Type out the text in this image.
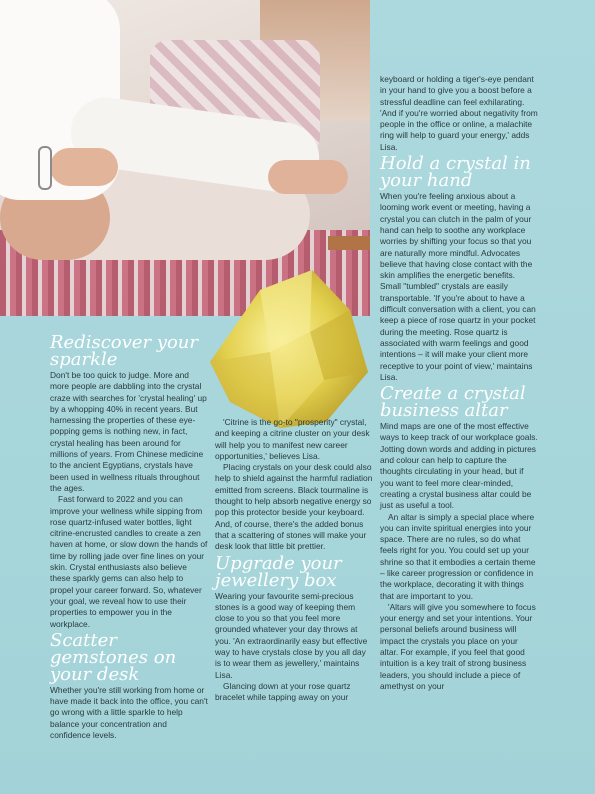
Rediscover your sparkle

Don't be too quick to judge. More and more people are dabbling into the crystal craze with searches for 'crystal healing' up by a whopping 40% in recent years. But harnessing the properties of these eye-popping gems is nothing new, in fact, crystal healing has been around for millions of years. From Chinese medicine to the ancient Egyptians, crystals have been used in wellness rituals throughout the ages.

Fast forward to 2022 and you can improve your wellness while sipping from rose quartz-infused water bottles, light citrine-encrusted candles to create a zen haven at home, or slow down the hands of time by rolling jade over fine lines on your skin. Crystal enthusiasts also believe these sparkly gems can also help to propel your career forward. So, whatever your goal, we reveal how to use their properties to empower you in the workplace.

Scatter gemstones on your desk

Whether you're still working from home or have made it back into the office, you can't go wrong with a little sparkle to help balance your concentration and confidence levels.

'Citrine is the go-to "prosperity" crystal, and keeping a citrine cluster on your desk will help you to manifest new career opportunities,' believes Lisa.

Placing crystals on your desk could also help to shield against the harmful radiation emitted from screens. Black tourmaline is thought to help absorb negative energy so pop this protector beside your keyboard. And, of course, there's the added bonus that a scattering of stones will make your desk look that little bit prettier.

Upgrade your jewellery box

Wearing your favourite semi-precious stones is a good way of keeping them close to you so that you feel more grounded whatever your day throws at you. 'An extraordinarily easy but effective way to have crystals close by you all day is to wear them as jewellery,' maintains Lisa.

Glancing down at your rose quartz bracelet while tapping away on your

keyboard or holding a tiger's-eye pendant in your hand to give you a boost before a stressful deadline can feel exhilarating. 'And if you're worried about negativity from people in the office or online, a malachite ring will help to guard your energy,' adds Lisa.

Hold a crystal in your hand

When you're feeling anxious about a looming work event or meeting, having a crystal you can clutch in the palm of your hand can help to soothe any workplace worries by shifting your focus so that you are naturally more mindful. Advocates believe that having close contact with the skin amplifies the energetic benefits. Small "tumbled" crystals are easily transportable. 'If you're about to have a difficult conversation with a client, you can keep a piece of rose quartz in your pocket during the meeting. Rose quartz is associated with warm feelings and good intentions – it will make your client more receptive to your point of view,' maintains Lisa.

Create a crystal business altar

Mind maps are one of the most effective ways to keep track of our workplace goals. Jotting down words and adding in pictures and colour can help to capture the thoughts circulating in your head, but if you want to feel more clear-minded, creating a crystal business altar could be just as useful a tool.

An altar is simply a special place where you can invite spiritual energies into your space. There are no rules, so do what feels right for you. You could set up your shrine so that it embodies a certain theme – like career progression or confidence in the workplace, decorating it with things that are important to you.

'Altars will give you somewhere to focus your energy and set your intentions. Your personal beliefs around business will impact the crystals you place on your altar. For example, if you feel that good intuition is a key trait of strong business leaders, you should include a piece of amethyst on your
